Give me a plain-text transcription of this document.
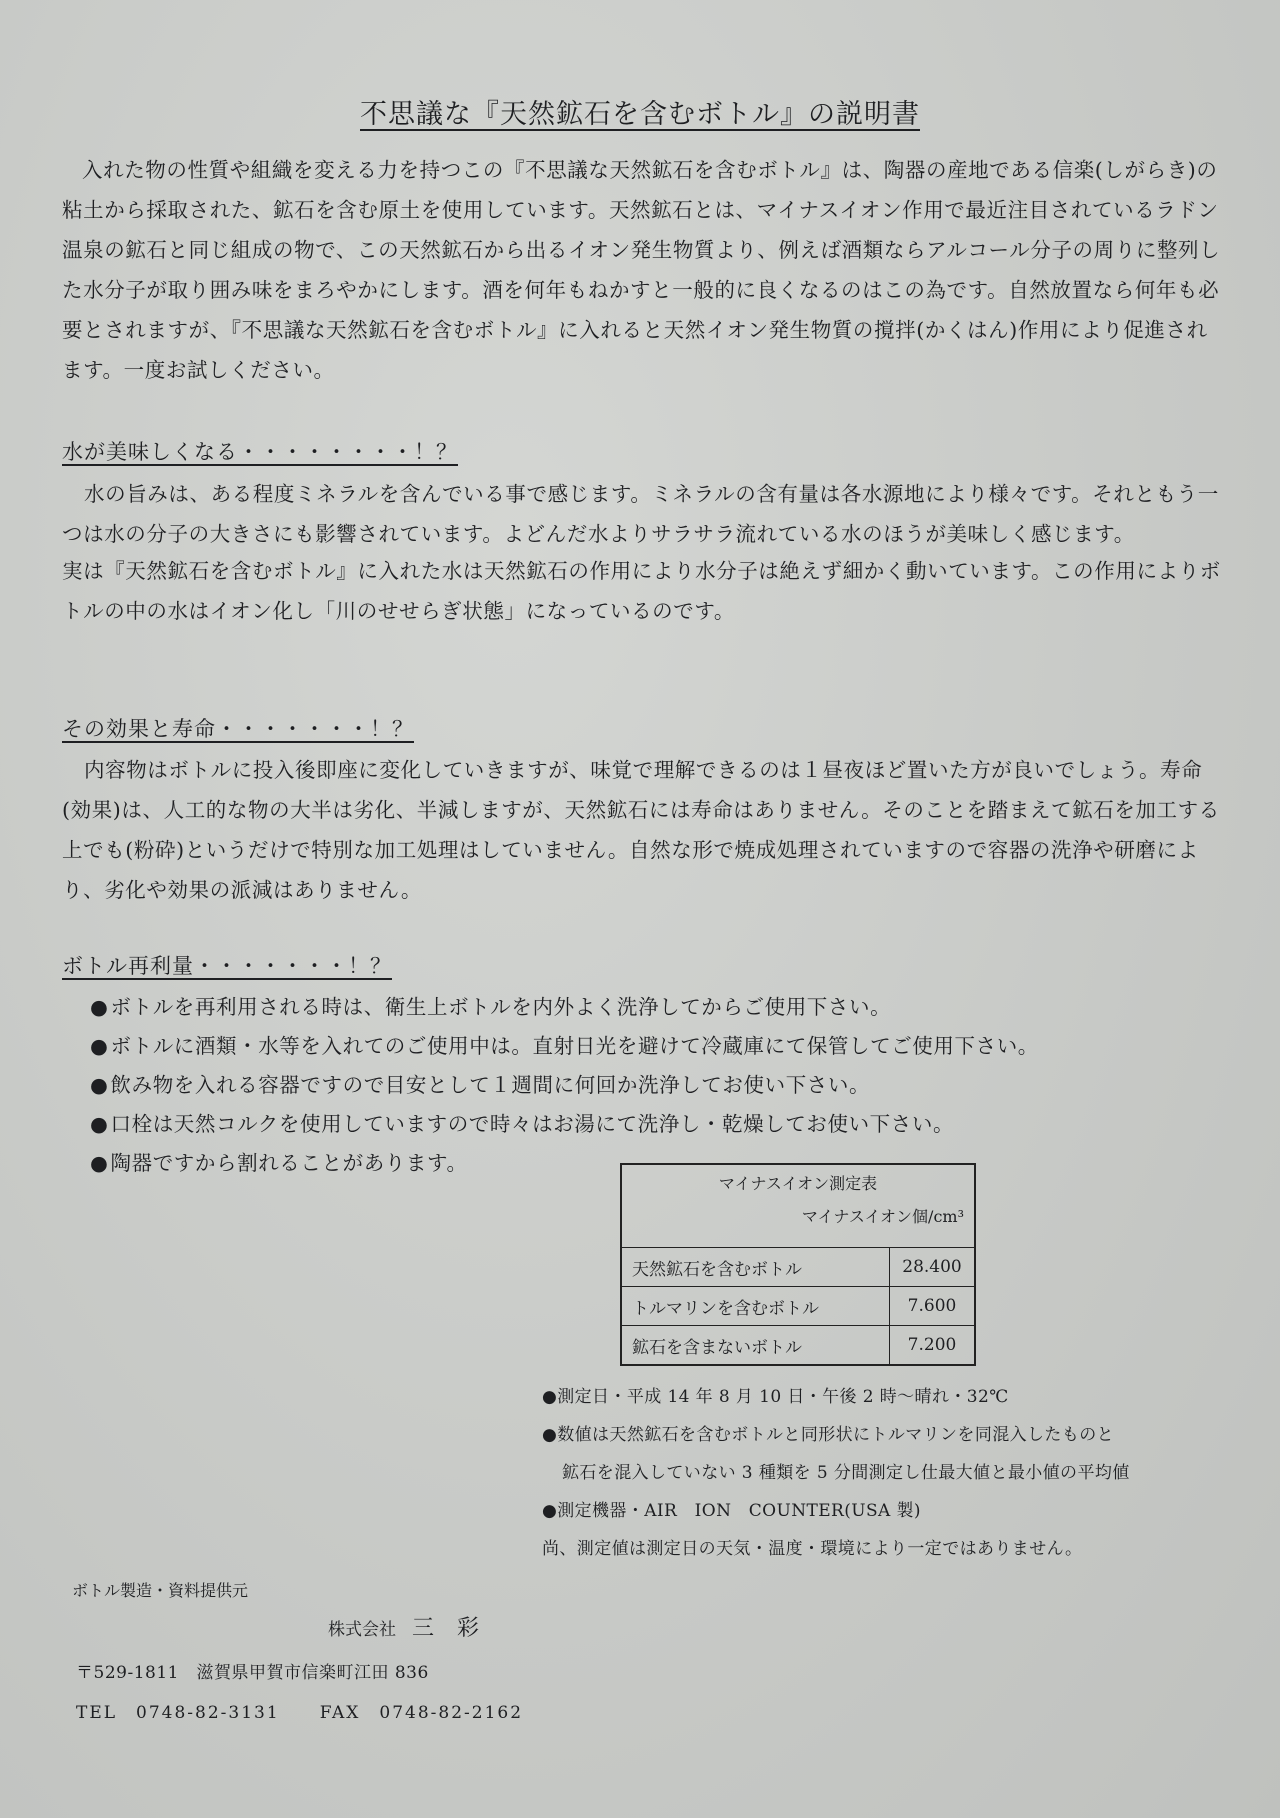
不思議な『天然鉱石を含むボトル』の説明書
入れた物の性質や組織を変える力を持つこの『不思議な天然鉱石を含むボトル』は、陶器の産地である信楽(しがらき)の粘土から採取された、鉱石を含む原土を使用しています。天然鉱石とは、マイナスイオン作用で最近注目されているラドン温泉の鉱石と同じ組成の物で、この天然鉱石から出るイオン発生物質より、例えば酒類ならアルコール分子の周りに整列した水分子が取り囲み味をまろやかにします。酒を何年もねかすと一般的に良くなるのはこの為です。自然放置なら何年も必要とされますが、『不思議な天然鉱石を含むボトル』に入れると天然イオン発生物質の撹拌(かくはん)作用により促進されます。一度お試しください。
水が美味しくなる・・・・・・・・！？
水の旨みは、ある程度ミネラルを含んでいる事で感じます。ミネラルの含有量は各水源地により様々です。それともう一つは水の分子の大きさにも影響されています。よどんだ水よりサラサラ流れている水のほうが美味しく感じます。
実は『天然鉱石を含むボトル』に入れた水は天然鉱石の作用により水分子は絶えず細かく動いています。この作用によりボトルの中の水はイオン化し「川のせせらぎ状態」になっているのです。
その効果と寿命・・・・・・・！？
内容物はボトルに投入後即座に変化していきますが、味覚で理解できるのは１昼夜ほど置いた方が良いでしょう。寿命(効果)は、人工的な物の大半は劣化、半減しますが、天然鉱石には寿命はありません。そのことを踏まえて鉱石を加工する上でも(粉砕)というだけで特別な加工処理はしていません。自然な形で焼成処理されていますので容器の洗浄や研磨により、劣化や効果の派減はありません。
ボトル再利量・・・・・・・！？
● ボトルを再利用される時は、衛生上ボトルを内外よく洗浄してからご使用下さい。
● ボトルに酒類・水等を入れてのご使用中は。直射日光を避けて冷蔵庫にて保管してご使用下さい。
● 飲み物を入れる容器ですので目安として１週間に何回か洗浄してお使い下さい。
● 口栓は天然コルクを使用していますので時々はお湯にて洗浄し・乾燥してお使い下さい。
● 陶器ですから割れることがあります。
マイナスイオン測定表
マイナスイオン個/cm³	

天然鉱石を含むボトル	28.400
トルマリンを含むボトル	7.600
鉱石を含まないボトル	7.200
● 測定日・平成 14 年 8 月 10 日・午後 2 時〜晴れ・32℃
● 数値は天然鉱石を含むボトルと同形状にトルマリンを同混入したものと
鉱石を混入していない 3 種類を 5 分間測定し仕最大値と最小値の平均値
● 測定機器・AIR　ION　COUNTER(USA 製)
尚、測定値は測定日の天気・温度・環境により一定ではありません。
ボトル製造・資料提供元
株式会社 三 彩
〒529-1811　滋賀県甲賀市信楽町江田 836
TEL　0748-82-3131 FAX　0748-82-2162
